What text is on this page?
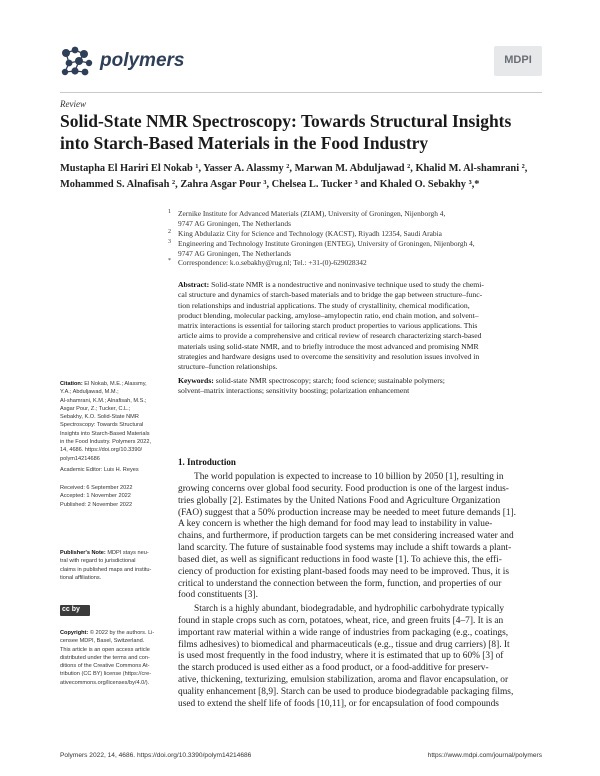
polymers	MDPI
Review
Solid-State NMR Spectroscopy: Towards Structural Insights into Starch-Based Materials in the Food Industry
Mustapha El Hariri El Nokab ¹, Yasser A. Alassmy ², Marwan M. Abduljawad ², Khalid M. Al-shamrani ²,
Mohammed S. Alnafisah ², Zahra Asgar Pour ³, Chelsea L. Tucker ³ and Khaled O. Sebakhy ³,*
1 Zernike Institute for Advanced Materials (ZIAM), University of Groningen, Nijenborgh 4,
9747 AG Groningen, The Netherlands
2 King Abdulaziz City for Science and Technology (KACST), Riyadh 12354, Saudi Arabia
3 Engineering and Technology Institute Groningen (ENTEG), University of Groningen, Nijenborgh 4,
9747 AG Groningen, The Netherlands
* Correspondence: k.o.sebakhy@rug.nl; Tel.: +31-(0)-629028342
Abstract: Solid-state NMR is a nondestructive and noninvasive technique used to study the chemi-
cal structure and dynamics of starch-based materials and to bridge the gap between structure–func-
tion relationships and industrial applications. The study of crystallinity, chemical modification,
product blending, molecular packing, amylose–amylopectin ratio, end chain motion, and solvent–
matrix interactions is essential for tailoring starch product properties to various applications. This
article aims to provide a comprehensive and critical review of research characterizing starch-based
materials using solid-state NMR, and to briefly introduce the most advanced and promising NMR
strategies and hardware designs used to overcome the sensitivity and resolution issues involved in
structure–function relationships.
Keywords: solid-state NMR spectroscopy; starch; food science; sustainable polymers;
solvent–matrix interactions; sensitivity boosting; polarization enhancement
Citation: El Nokab, M.E.; Alassmy,
Y.A.; Abduljawad, M.M.;
Al-shamrani, K.M.; Alnafisah, M.S.;
Asgar Pour, Z.; Tucker, C.L.;
Sebakhy, K.O. Solid-State NMR
Spectroscopy: Towards Structural
Insights into Starch-Based Materials
in the Food Industry. Polymers 2022,
14, 4686. https://doi.org/10.3390/
polym14214686
Academic Editor: Luis H. Reyes
Received: 6 September 2022
Accepted: 1 November 2022
Published: 2 November 2022
Publisher's Note: MDPI stays neu-
tral with regard to jurisdictional
claims in published maps and institu-
tional affiliations.
cc by
Copyright: © 2022 by the authors. Li-
censee MDPI, Basel, Switzerland.
This article is an open access article
distributed under the terms and con-
ditions of the Creative Commons At-
tribution (CC BY) license (https://cre-
ativecommons.org/licenses/by/4.0/).
1. Introduction
The world population is expected to increase to 10 billion by 2050 [1], resulting in
growing concerns over global food security. Food production is one of the largest indus-
tries globally [2]. Estimates by the United Nations Food and Agriculture Organization
(FAO) suggest that a 50% production increase may be needed to meet future demands [1].
A key concern is whether the high demand for food may lead to instability in value-
chains, and furthermore, if production targets can be met considering increased water and
land scarcity. The future of sustainable food systems may include a shift towards a plant-
based diet, as well as significant reductions in food waste [1]. To achieve this, the effi-
ciency of production for existing plant-based foods may need to be improved. Thus, it is
critical to understand the connection between the form, function, and properties of our
food constituents [3].
Starch is a highly abundant, biodegradable, and hydrophilic carbohydrate typically
found in staple crops such as corn, potatoes, wheat, rice, and green fruits [4–7]. It is an
important raw material within a wide range of industries from packaging (e.g., coatings,
films adhesives) to biomedical and pharmaceuticals (e.g., tissue and drug carriers) [8]. It
is used most frequently in the food industry, where it is estimated that up to 60% [3] of
the starch produced is used either as a food product, or a food-additive for preserv-
ative, thickening, texturizing, emulsion stabilization, aroma and flavor encapsulation, or
quality enhancement [8,9]. Starch can be used to produce biodegradable packaging films,
used to extend the shelf life of foods [10,11], or for encapsulation of food compounds
Polymers 2022, 14, 4686. https://doi.org/10.3390/polym14214686	https://www.mdpi.com/journal/polymers
